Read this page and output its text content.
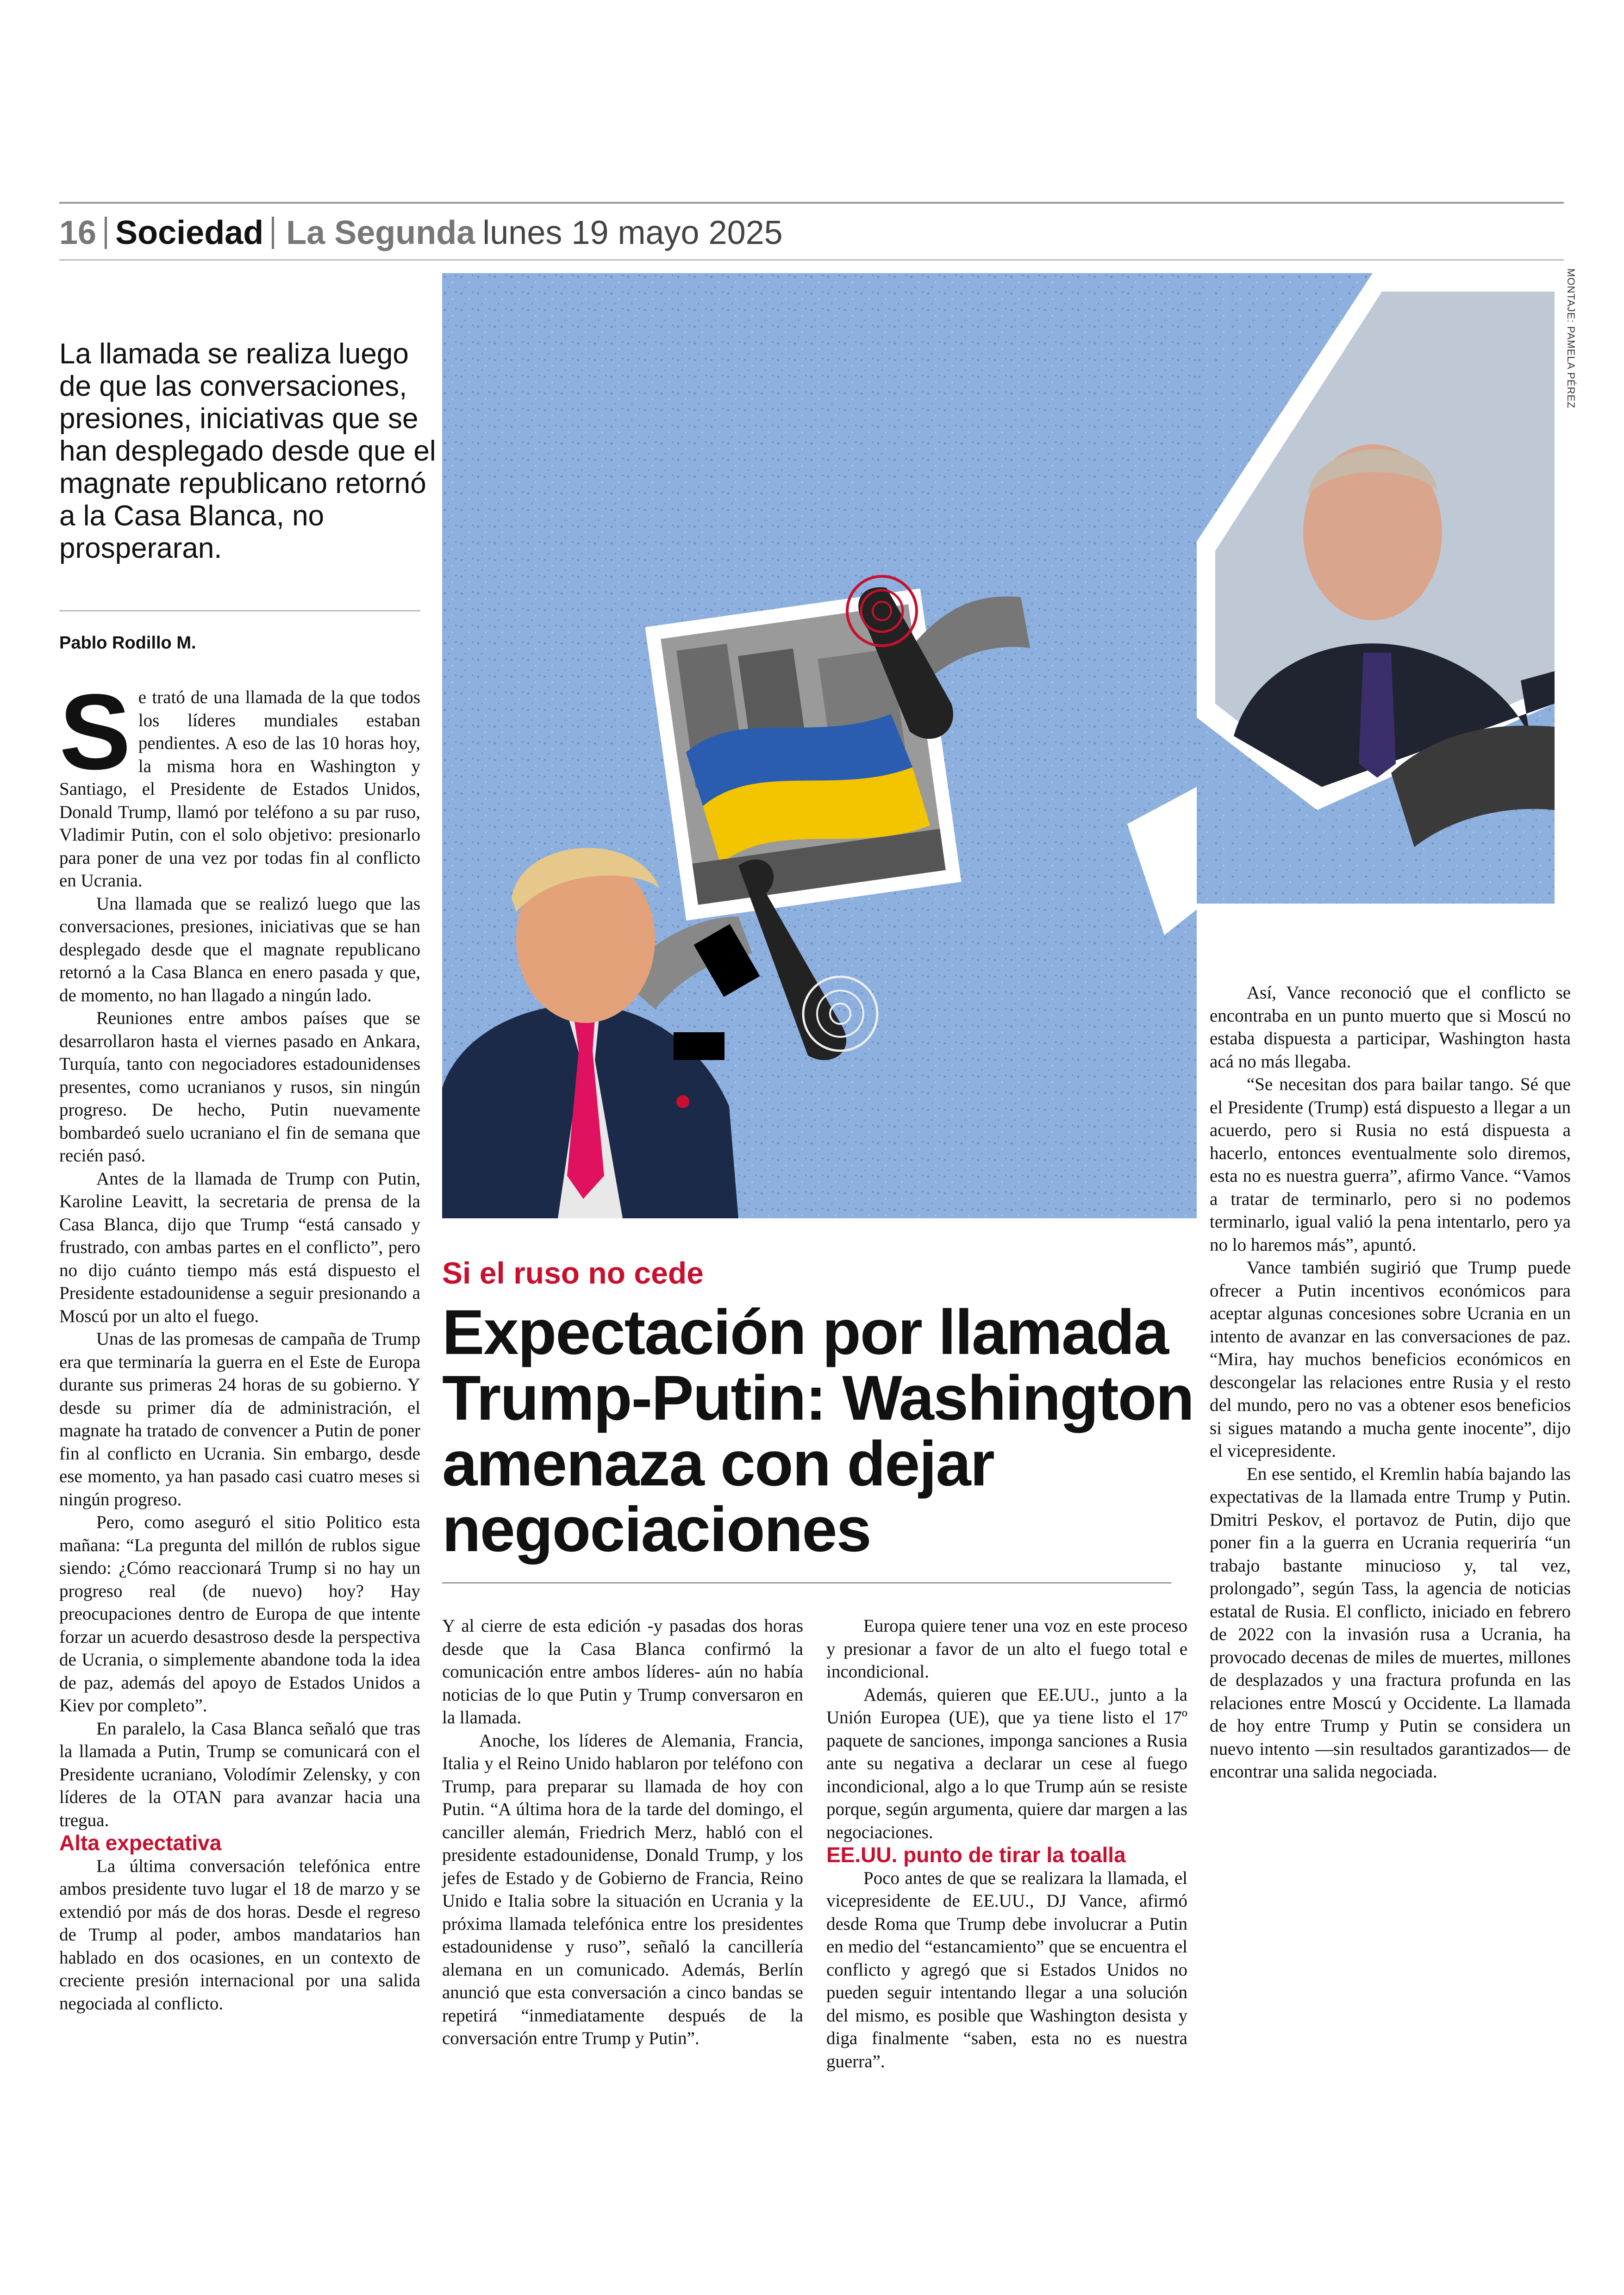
16 Sociedad La Segunda lunes 19 mayo 2025
La llamada se realiza luego de que las conversaciones, presiones, iniciativas que se han desplegado desde que el magnate republicano retornó a la Casa Blanca, no prosperaran.
Pablo Rodillo M.
MONTAJE: PAMELA PÉREZ
Si el ruso no cede
Expectación por llamada Trump-Putin: Washington amenaza con dejar negociaciones

Se trató de una llamada de la que todos los líderes mundiales estaban pendientes. A eso de las 10 horas hoy, la misma hora en Washington y Santiago, el Presidente de Estados Unidos, Donald Trump, llamó por teléfono a su par ruso, Vladimir Putin, con el solo objetivo: presionarlo para poner de una vez por todas fin al conflicto en Ucrania.

Una llamada que se realizó luego que las conversaciones, presiones, iniciativas que se han desplegado desde que el magnate republicano retornó a la Casa Blanca en enero pasada y que, de momento, no han llagado a ningún lado.

Reuniones entre ambos países que se desarrollaron hasta el viernes pasado en Ankara, Turquía, tanto con negociadores estadounidenses presentes, como ucranianos y rusos, sin ningún progreso. De hecho, Putin nuevamente bombardeó suelo ucraniano el fin de semana que recién pasó.

Antes de la llamada de Trump con Putin, Karoline Leavitt, la secretaria de prensa de la Casa Blanca, dijo que Trump “está cansado y frustrado, con ambas partes en el conflicto”, pero no dijo cuánto tiempo más está dispuesto el Presidente estadounidense a seguir presionando a Moscú por un alto el fuego.

Unas de las promesas de campaña de Trump era que terminaría la guerra en el Este de Europa durante sus primeras 24 horas de su gobierno. Y desde su primer día de administración, el magnate ha tratado de convencer a Putin de poner fin al conflicto en Ucrania. Sin embargo, desde ese momento, ya han pasado casi cuatro meses si ningún progreso.

Pero, como aseguró el sitio Politico esta mañana: “La pregunta del millón de rublos sigue siendo: ¿Cómo reaccionará Trump si no hay un progreso real (de nuevo) hoy? Hay preocupaciones dentro de Europa de que intente forzar un acuerdo desastroso desde la perspectiva de Ucrania, o simplemente abandone toda la idea de paz, además del apoyo de Estados Unidos a Kiev por completo”.

En paralelo, la Casa Blanca señaló que tras la llamada a Putin, Trump se comunicará con el Presidente ucraniano, Volodímir Zelensky, y con líderes de la OTAN para avanzar hacia una tregua.

Alta expectativa

La última conversación telefónica entre ambos presidente tuvo lugar el 18 de marzo y se extendió por más de dos horas. Desde el regreso de Trump al poder, ambos mandatarios han hablado en dos ocasiones, en un contexto de creciente presión internacional por una salida negociada al conflicto.

Y al cierre de esta edición -y pasadas dos horas desde que la Casa Blanca confirmó la comunicación entre ambos líderes- aún no había noticias de lo que Putin y Trump conversaron en la llamada.

Anoche, los líderes de Alemania, Francia, Italia y el Reino Unido hablaron por teléfono con Trump, para preparar su llamada de hoy con Putin. “A última hora de la tarde del domingo, el canciller alemán, Friedrich Merz, habló con el presidente estadounidense, Donald Trump, y los jefes de Estado y de Gobierno de Francia, Reino Unido e Italia sobre la situación en Ucrania y la próxima llamada telefónica entre los presidentes estadounidense y ruso”, señaló la cancillería alemana en un comunicado. Además, Berlín anunció que esta conversación a cinco bandas se repetirá “inmediatamente después de la conversación entre Trump y Putin”.

Europa quiere tener una voz en este proceso y presionar a favor de un alto el fuego total e incondicional.

Además, quieren que EE.UU., junto a la Unión Europea (UE), que ya tiene listo el 17º paquete de sanciones, imponga sanciones a Rusia ante su negativa a declarar un cese al fuego incondicional, algo a lo que Trump aún se resiste porque, según argumenta, quiere dar margen a las negociaciones.

EE.UU. punto de tirar la toalla

Poco antes de que se realizara la llamada, el vicepresidente de EE.UU., DJ Vance, afirmó desde Roma que Trump debe involucrar a Putin en medio del “estancamiento” que se encuentra el conflicto y agregó que si Estados Unidos no pueden seguir intentando llegar a una solución del mismo, es posible que Washington desista y diga finalmente “saben, esta no es nuestra guerra”.

Así, Vance reconoció que el conflicto se encontraba en un punto muerto que si Moscú no estaba dispuesta a participar, Washington hasta acá no más llegaba.

“Se necesitan dos para bailar tango. Sé que el Presidente (Trump) está dispuesto a llegar a un acuerdo, pero si Rusia no está dispuesta a hacerlo, entonces eventualmente solo diremos, esta no es nuestra guerra”, afirmo Vance. “Vamos a tratar de terminarlo, pero si no podemos terminarlo, igual valió la pena intentarlo, pero ya no lo haremos más”, apuntó.

Vance también sugirió que Trump puede ofrecer a Putin incentivos económicos para aceptar algunas concesiones sobre Ucrania en un intento de avanzar en las conversaciones de paz. “Mira, hay muchos beneficios económicos en descongelar las relaciones entre Rusia y el resto del mundo, pero no vas a obtener esos beneficios si sigues matando a mucha gente inocente”, dijo el vicepresidente.

En ese sentido, el Kremlin había bajando las expectativas de la llamada entre Trump y Putin. Dmitri Peskov, el portavoz de Putin, dijo que poner fin a la guerra en Ucrania requeriría “un trabajo bastante minucioso y, tal vez, prolongado”, según Tass, la agencia de noticias estatal de Rusia. El conflicto, iniciado en febrero de 2022 con la invasión rusa a Ucrania, ha provocado decenas de miles de muertes, millones de desplazados y una fractura profunda en las relaciones entre Moscú y Occidente. La llamada de hoy entre Trump y Putin se considera un nuevo intento —sin resultados garantizados— de encontrar una salida negociada.
